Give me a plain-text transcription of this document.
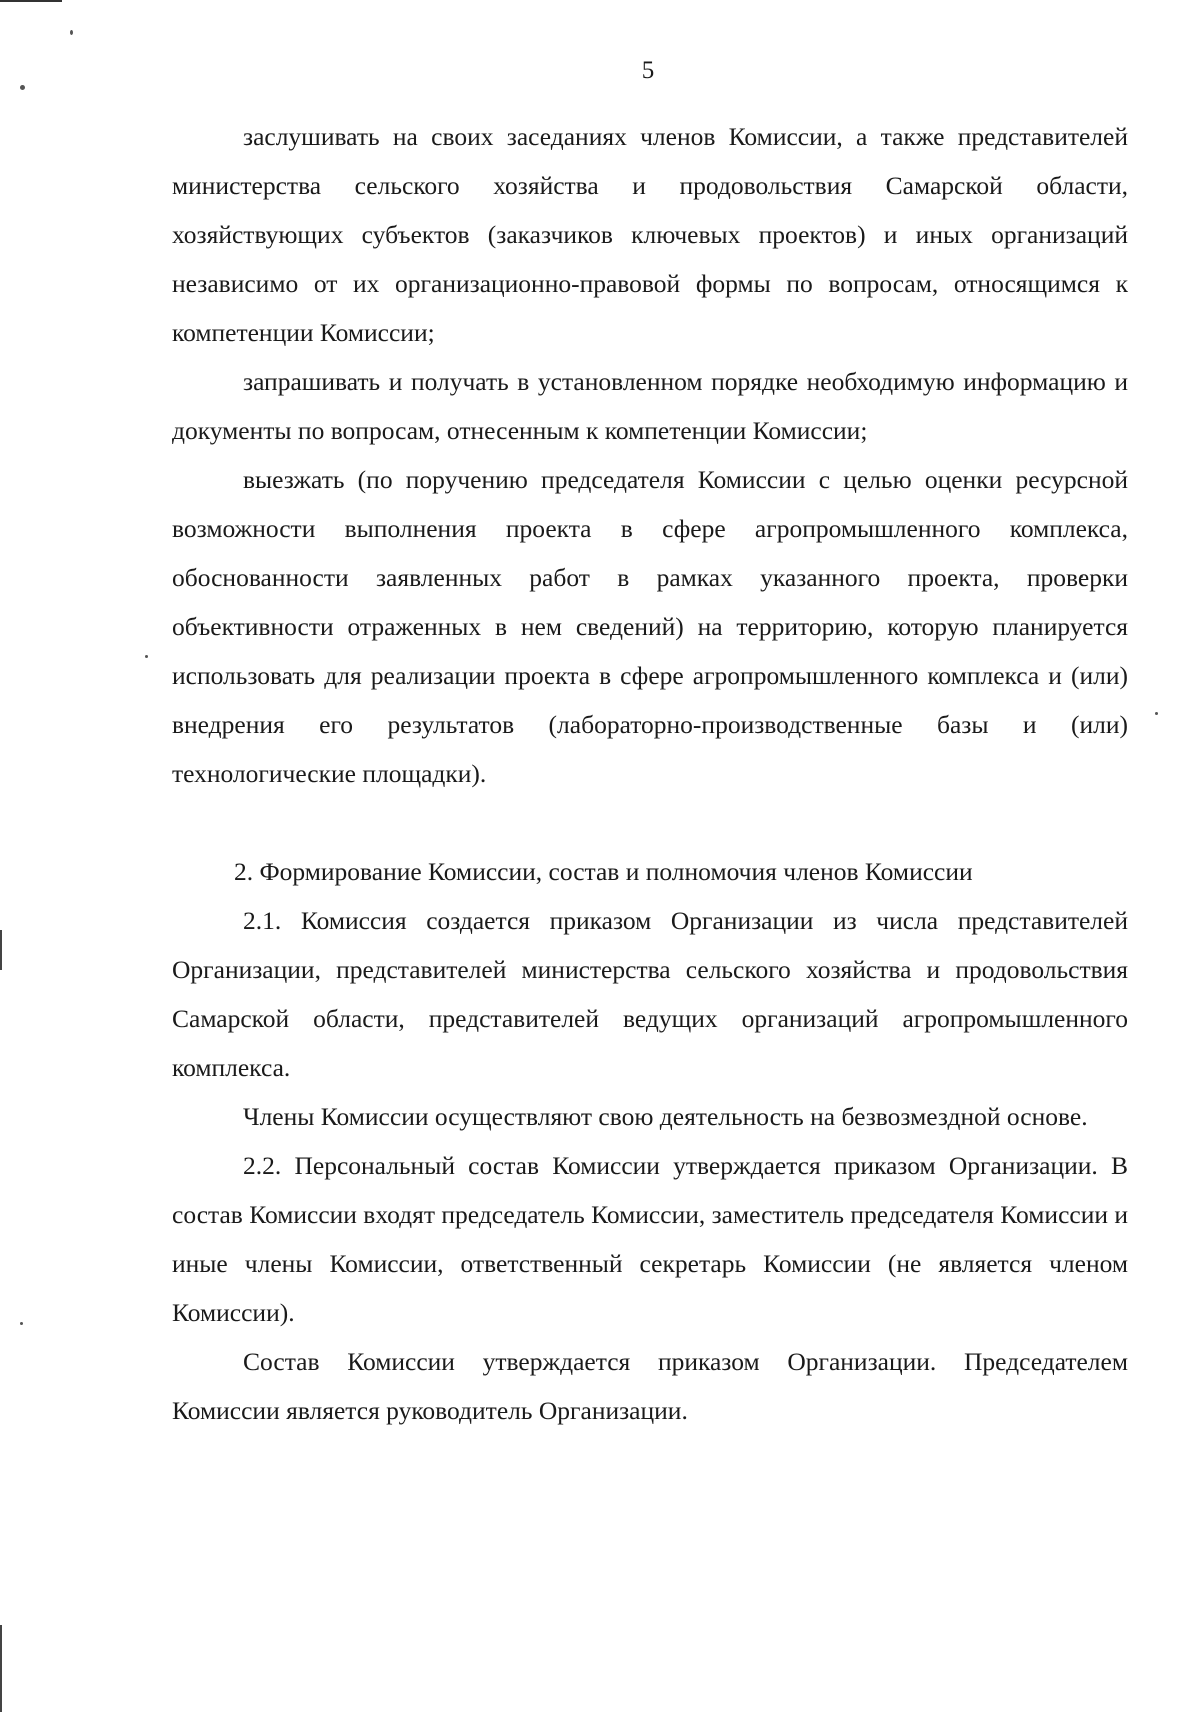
5

заслушивать на своих заседаниях членов Комиссии, а также представителей министерства сельского хозяйства и продовольствия Самарской области, хозяйствующих субъектов (заказчиков ключевых проектов) и иных организаций независимо от их организационно-правовой формы по вопросам, относящимся к компетенции Комиссии;

запрашивать и получать в установленном порядке необходимую информацию и документы по вопросам, отнесенным к компетенции Комиссии;

выезжать (по поручению председателя Комиссии с целью оценки ресурсной возможности выполнения проекта в сфере агропромышленного комплекса, обоснованности заявленных работ в рамках указанного проекта, проверки объективности отраженных в нем сведений) на территорию, которую планируется использовать для реализации проекта в сфере агропромышленного комплекса и (или) внедрения его результатов (лабораторно-производственные базы и (или) технологические площадки).

2. Формирование Комиссии, состав и полномочия членов Комиссии

2.1. Комиссия создается приказом Организации из числа представителей Организации, представителей министерства сельского хозяйства и продовольствия Самарской области, представителей ведущих организаций агропромышленного комплекса.

Члены Комиссии осуществляют свою деятельность на безвозмездной основе.

2.2. Персональный состав Комиссии утверждается приказом Организации. В состав Комиссии входят председатель Комиссии, заместитель председателя Комиссии и иные члены Комиссии, ответственный секретарь Комиссии (не является членом Комиссии).

Состав Комиссии утверждается приказом Организации. Председателем Комиссии является руководитель Организации.
